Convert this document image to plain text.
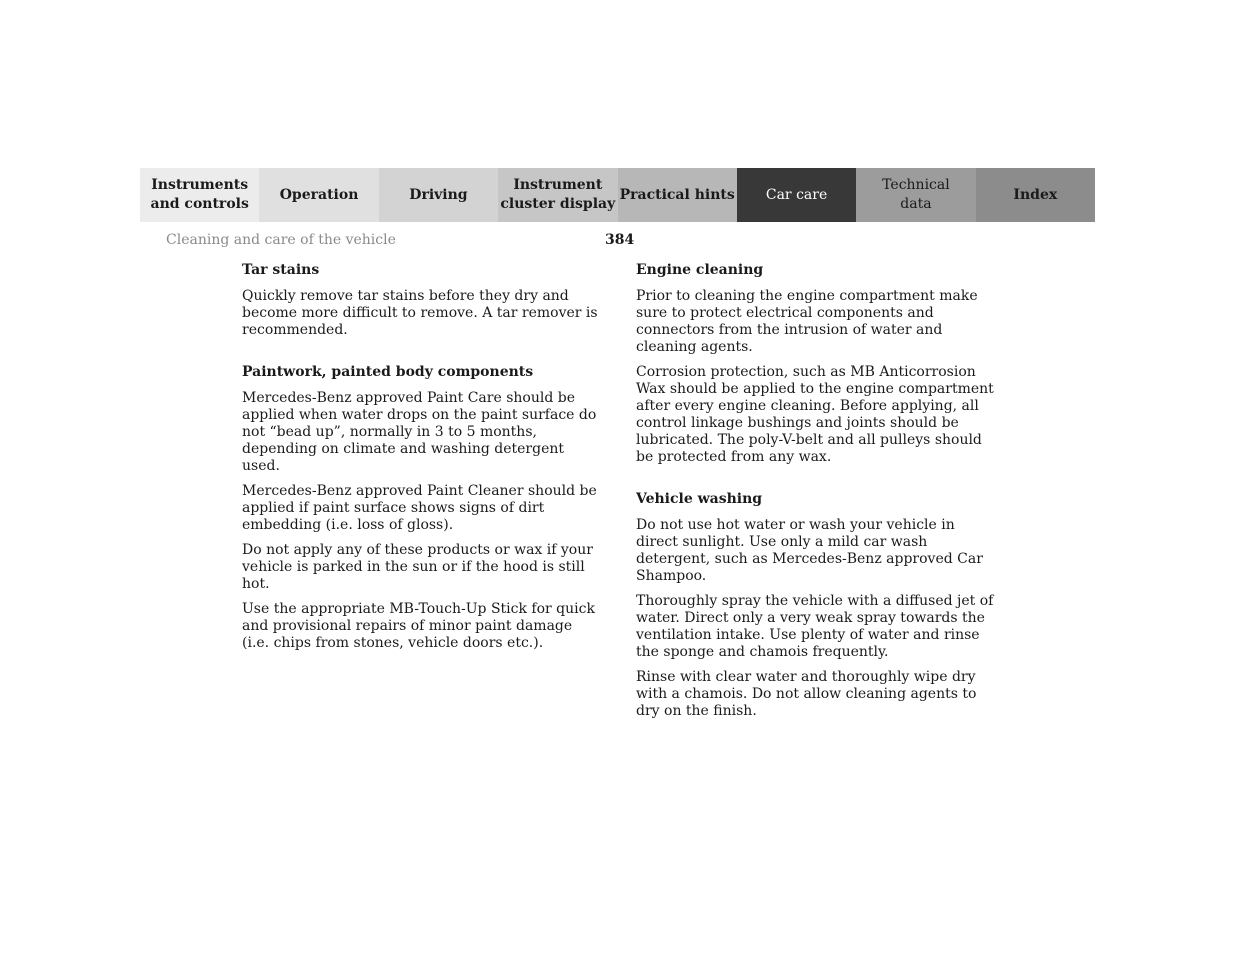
Instruments
and controls
Operation	Driving
Instrument
cluster display
Practical hints	Car care
Technical
data
Index
Cleaning and care of the vehicle	384
Tar stains

Quickly remove tar stains before they dry and become more difficult to remove. A tar remover is recommended.

Paintwork, painted body components

Mercedes-Benz approved Paint Care should be applied when water drops on the paint surface do not “bead up”, normally in 3 to 5 months, depending on climate and washing detergent used.

Mercedes-Benz approved Paint Cleaner should be applied if paint surface shows signs of dirt embedding (i.e. loss of gloss).

Do not apply any of these products or wax if your vehicle is parked in the sun or if the hood is still hot.

Use the appropriate MB-Touch-Up Stick for quick and provisional repairs of minor paint damage (i.e. chips from stones, vehicle doors etc.).

Engine cleaning

Prior to cleaning the engine compartment make sure to protect electrical components and connectors from the intrusion of water and cleaning agents.

Corrosion protection, such as MB Anticorrosion Wax should be applied to the engine compartment after every engine cleaning. Before applying, all control linkage bushings and joints should be lubricated. The poly-V-belt and all pulleys should be protected from any wax.

Vehicle washing

Do not use hot water or wash your vehicle in direct sunlight. Use only a mild car wash detergent, such as Mercedes-Benz approved Car Shampoo.

Thoroughly spray the vehicle with a diffused jet of water. Direct only a very weak spray towards the ventilation intake. Use plenty of water and rinse the sponge and chamois frequently.

Rinse with clear water and thoroughly wipe dry with a chamois. Do not allow cleaning agents to dry on the finish.
